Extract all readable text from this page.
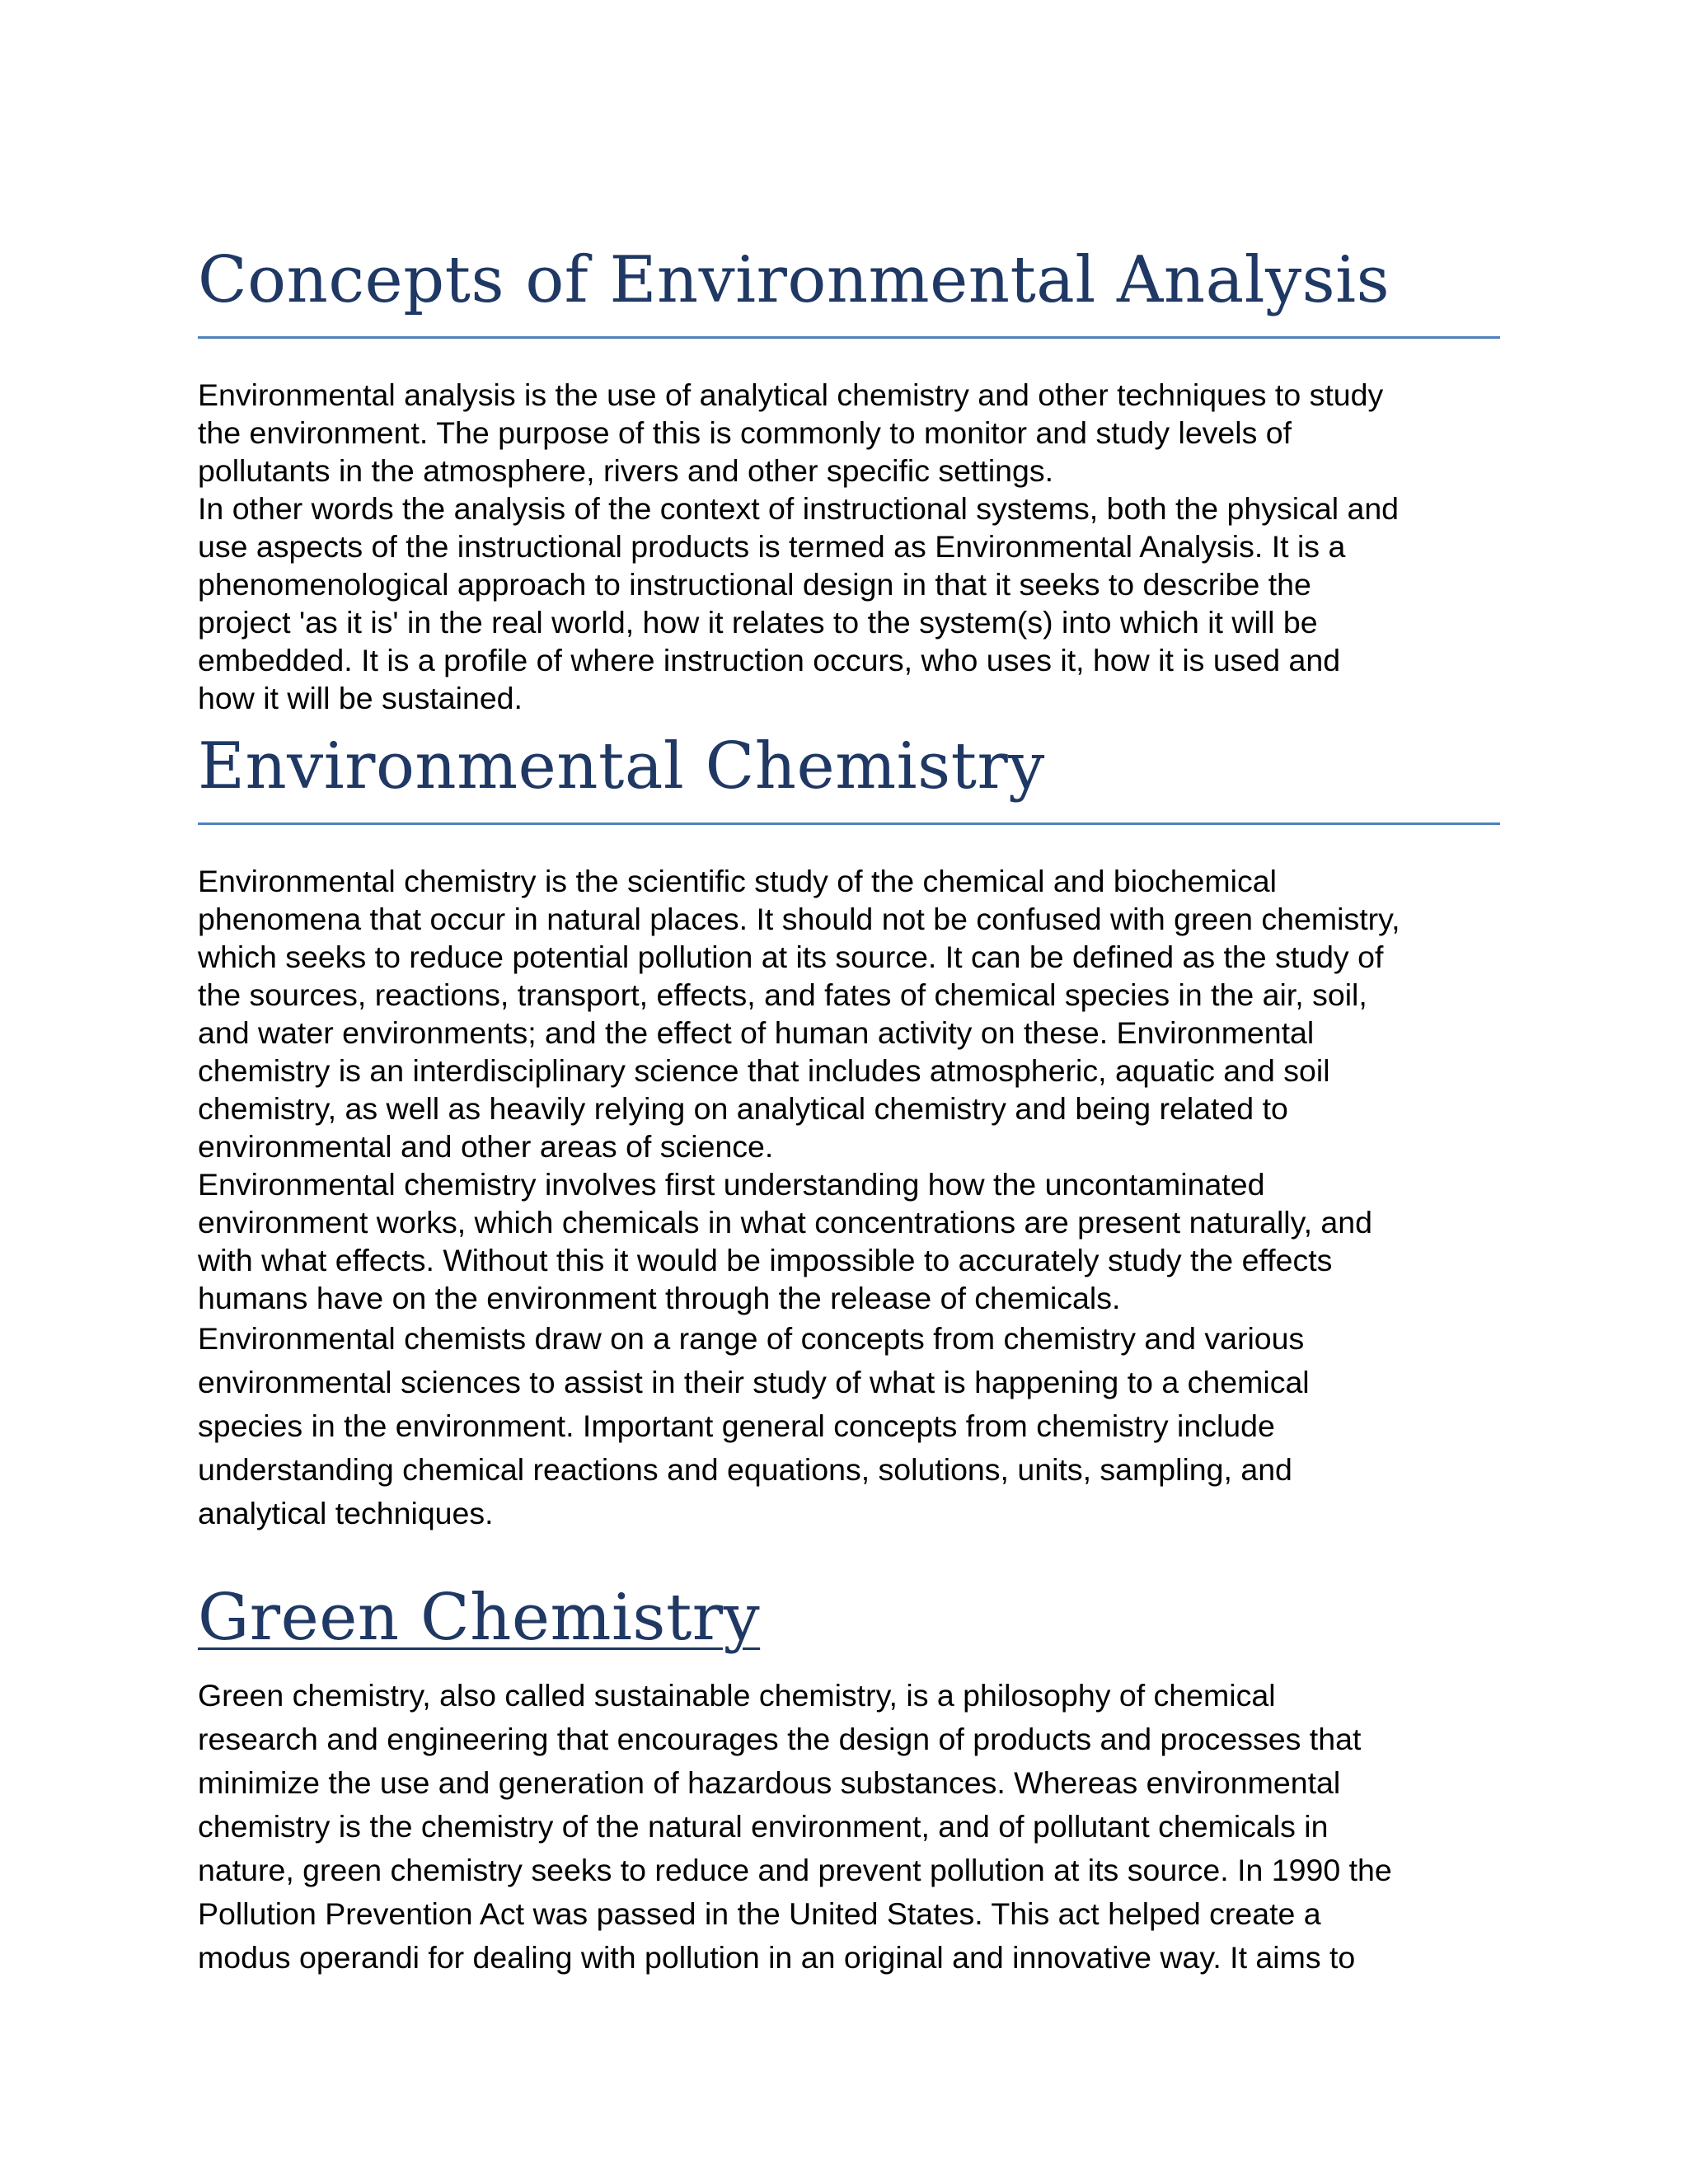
Concepts of Environmental Analysis

Environmental analysis is the use of analytical chemistry and other techniques to study
the environment. The purpose of this is commonly to monitor and study levels of
pollutants in the atmosphere, rivers and other specific settings.

In other words the analysis of the context of instructional systems, both the physical and
use aspects of the instructional products is termed as Environmental Analysis. It is a
phenomenological approach to instructional design in that it seeks to describe the
project 'as it is' in the real world, how it relates to the system(s) into which it will be
embedded. It is a profile of where instruction occurs, who uses it, how it is used and
how it will be sustained.

Environmental Chemistry

Environmental chemistry is the scientific study of the chemical and biochemical
phenomena that occur in natural places. It should not be confused with green chemistry,
which seeks to reduce potential pollution at its source. It can be defined as the study of
the sources, reactions, transport, effects, and fates of chemical species in the air, soil,
and water environments; and the effect of human activity on these. Environmental
chemistry is an interdisciplinary science that includes atmospheric, aquatic and soil
chemistry, as well as heavily relying on analytical chemistry and being related to
environmental and other areas of science.

Environmental chemistry involves first understanding how the uncontaminated
environment works, which chemicals in what concentrations are present naturally, and
with what effects. Without this it would be impossible to accurately study the effects
humans have on the environment through the release of chemicals.

Environmental chemists draw on a range of concepts from chemistry and various
environmental sciences to assist in their study of what is happening to a chemical
species in the environment. Important general concepts from chemistry include
understanding chemical reactions and equations, solutions, units, sampling, and
analytical techniques.

Green Chemistry

Green chemistry, also called sustainable chemistry, is a philosophy of chemical
research and engineering that encourages the design of products and processes that
minimize the use and generation of hazardous substances. Whereas environmental
chemistry is the chemistry of the natural environment, and of pollutant chemicals in
nature, green chemistry seeks to reduce and prevent pollution at its source. In 1990 the
Pollution Prevention Act was passed in the United States. This act helped create a
modus operandi for dealing with pollution in an original and innovative way. It aims to
